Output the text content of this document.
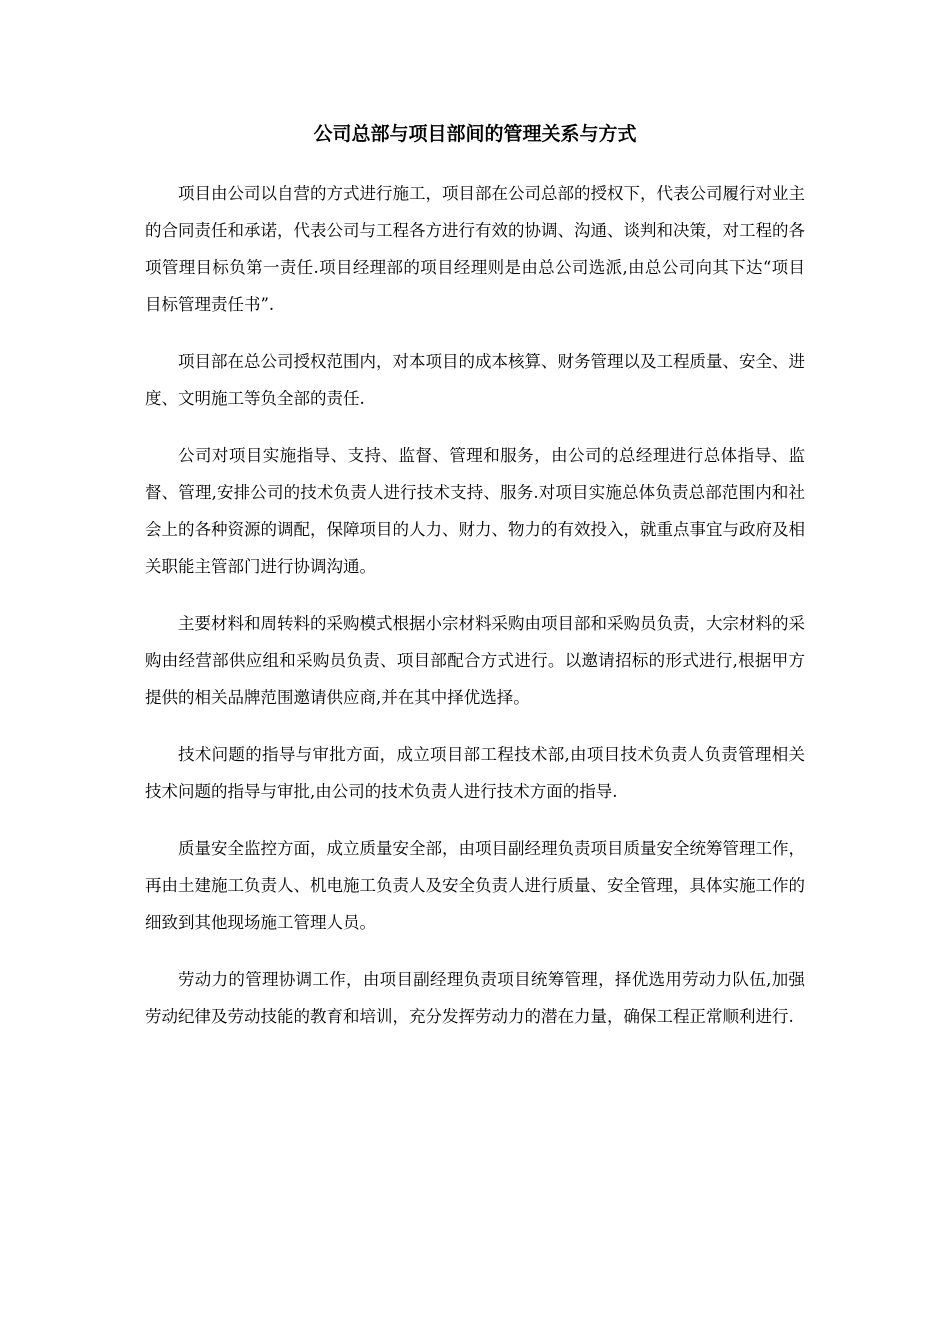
公司总部与项目部间的管理关系与方式

项目由公司以自营的方式进行施工，项目部在公司总部的授权下，代表公司履行对业主的合同责任和承诺，代表公司与工程各方进行有效的协调、沟通、谈判和决策，对工程的各项管理目标负第一责任.项目经理部的项目经理则是由总公司选派,由总公司向其下达“项目目标管理责任书”.

项目部在总公司授权范围内，对本项目的成本核算、财务管理以及工程质量、安全、进度、文明施工等负全部的责任.

公司对项目实施指导、支持、监督、管理和服务，由公司的总经理进行总体指导、监督、管理,安排公司的技术负责人进行技术支持、服务.对项目实施总体负责总部范围内和社会上的各种资源的调配，保障项目的人力、财力、物力的有效投入，就重点事宜与政府及相关职能主管部门进行协调沟通。

主要材料和周转料的采购模式根据小宗材料采购由项目部和采购员负责，大宗材料的采购由经营部供应组和采购员负责、项目部配合方式进行。以邀请招标的形式进行,根据甲方提供的相关品牌范围邀请供应商,并在其中择优选择。

技术问题的指导与审批方面，成立项目部工程技术部,由项目技术负责人负责管理相关技术问题的指导与审批,由公司的技术负责人进行技术方面的指导.

质量安全监控方面，成立质量安全部，由项目副经理负责项目质量安全统筹管理工作，再由土建施工负责人、机电施工负责人及安全负责人进行质量、安全管理，具体实施工作的细致到其他现场施工管理人员。

劳动力的管理协调工作，由项目副经理负责项目统筹管理，择优选用劳动力队伍,加强劳动纪律及劳动技能的教育和培训，充分发挥劳动力的潜在力量，确保工程正常顺利进行.
